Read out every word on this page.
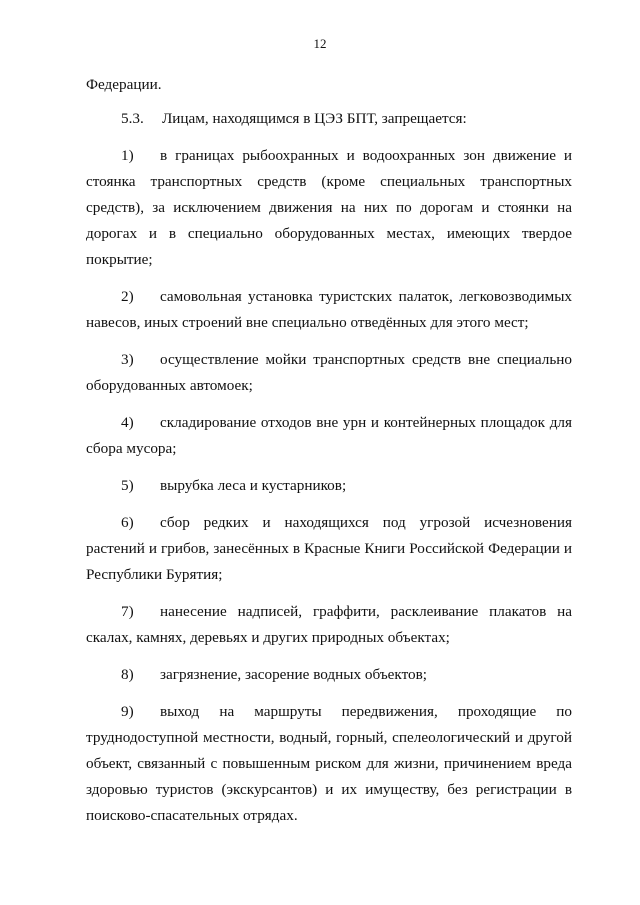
12

Федерации.

5.3. Лицам, находящимся в ЦЭЗ БПТ, запрещается:

1) в границах рыбоохранных и водоохранных зон движение и стоянка транспортных средств (кроме специальных транспортных средств), за исключением движения на них по дорогам и стоянки на дорогах и в специально оборудованных местах, имеющих твердое покрытие;

2) самовольная установка туристских палаток, легковозводимых навесов, иных строений вне специально отведённых для этого мест;

3) осуществление мойки транспортных средств вне специально оборудованных автомоек;

4) складирование отходов вне урн и контейнерных площадок для сбора мусора;

5) вырубка леса и кустарников;

6) сбор редких и находящихся под угрозой исчезновения растений и грибов, занесённых в Красные Книги Российской Федерации и Республики Бурятия;

7) нанесение надписей, граффити, расклеивание плакатов на скалах, камнях, деревьях и других природных объектах;

8) загрязнение, засорение водных объектов;

9) выход на маршруты передвижения, проходящие по труднодоступной местности, водный, горный, спелеологический и другой объект, связанный с повышенным риском для жизни, причинением вреда здоровью туристов (экскурсантов) и их имуществу, без регистрации в поисково-спасательных отрядах.
